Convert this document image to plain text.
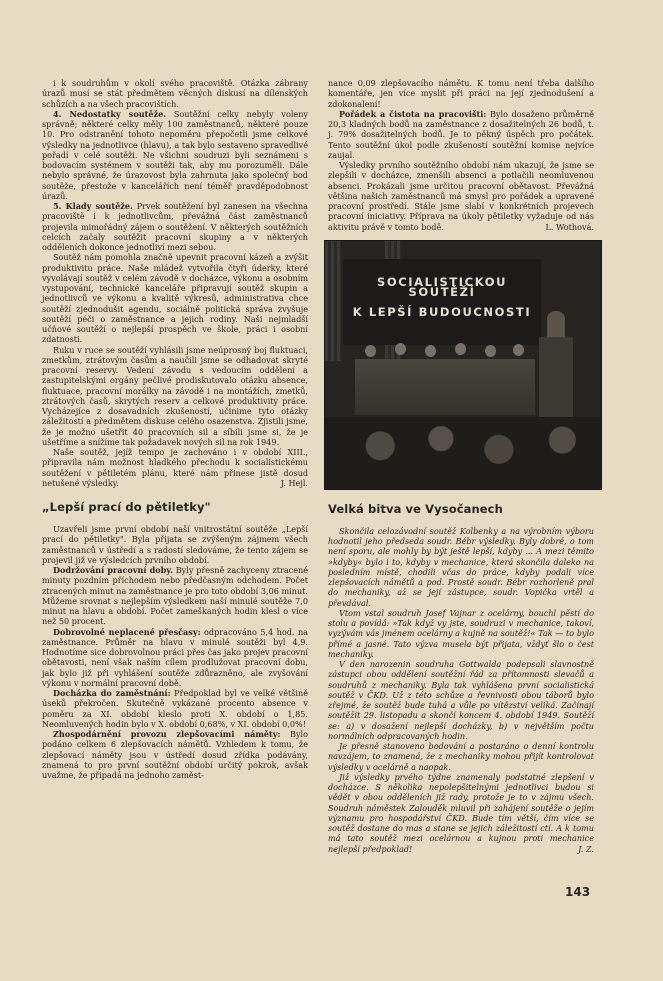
i k soudruhům v okolí svého pracoviště. Otázka zábrany úrazů musí se stát předmětem věcných diskusí na dílenských schůzích a na všech pracovištích.

4. Nedostatky soutěže. Soutěžní celky nebyly voleny správně; některé celky měly 100 zaměstnanců, některé pouze 10. Pro odstranění tohoto nepoměru přepočetli jsme celkové výsledky na jednotlivce (hlavu), a tak bylo sestaveno spravedlivé pořadí v celé soutěži. Ne všichni soudruzi byli seznámeni s bodovacím systémem v soutěži tak, aby mu porozuměli. Dále nebylo správné, že úrazovost byla zahrnuta jako společný bod soutěže, přestože v kancelářích není téměř pravděpodobnost úrazů.

5. Klady soutěže. Prvek soutěžení byl zanesen na všechna pracoviště i k jednotlivcům, převážná část zaměstnanců projevila mimořádný zájem o soutěžení. V některých soutěžních celcích začaly soutěžit pracovní skupiny a v některých odděleních dokonce jednotliví mezi sebou.

Soutěž nám pomohla značně upevnit pracovní kázeň a zvýšit produktivitu práce. Naše mládež vytvořila čtyři úderky, které vyvolávají soutěž v celém závodě v docházce, výkonu a osobním vystupování, technické kanceláře připravují soutěž skupin a jednotlivců ve výkonu a kvalitě výkresů, administrativa chce soutěží zjednodušit agendu, sociálně politická správa zvyšuje soutěží péči o zaměstnance a jejich rodiny. Naši nejmladší učňové soutěží o nejlepší prospěch ve škole, práci i osobní zdatnosti.

Ruku v ruce se soutěží vyhlásili jsme neúprosný boj fluktuaci, zmetkům, ztrátovým časům a naučili jsme se odhadovat skryté pracovní reservy. Vedení závodu s vedoucím oddělení a zastupitelskými orgány pečlivé prodiskutovalo otázku absence, fluktuace, pracovní morálky na závodě i na montážích, zmetků, ztrátových časů, skrytých reserv a celkové produktivity práce. Vycházejíce z dosavadních zkušeností, učinime tyto otázky záležitostí a předmětem diskuse celého osazenstva. Zjistili jsme, že je možno ušetřit 40 pracovních sil a síbili jsme si, že je ušetříme a snížíme tak požadavek nových sil na rok 1949.

Naše soutěž, jejíž tempo je zachováno i v období XIII., připravila nám možnost hladkého přechodu k socialistickému soutěžení v pětiletém plánu, které nám přinese jistě dosud netušené výsledky.	J. Hejl.

„Lepší prací do pětiletky"

Uzavřeli jsme první období naší vnitrostátní soutěže „Lepší prací do pětiletky". Byla přijata se zvýšeným zájmem všech zaměstnanců v ústředí a s radostí sledováme, že tento zájem se projevil již ve výsledcích prvního období.

Dodržování pracovní doby. Byly přesně zachyceny ztracené minuty pozdním příchodem nebo předčasným odchodem. Počet ztracených minut na zaměstnance je pro toto období 3,06 minut. Můžeme srovnat s nejlepším výsledkem naší minulé soutěže 7,0 minut na hlavu a období. Počet zameškaných hodin klesl o více než 50 procent.

Dobrovolné neplacené přesčasy: odpracováno 5,4 hod. na zaměstnance. Průměr na hlavu v minulé soutěži byl 4,9. Hodnotíme sice dobrovolnou práci přes čas jako projev pracovní obětavosti, není však naším cílem prodlužovat pracovní dobu, jak bylo již při vyhlášení soutěže zdůrazněno, ale zvyšování výkonu v normální pracovní době.

Docházka do zaměstnání: Předpoklad byl ve velké většině úseků překročen. Skutečně vykázané procento absence v poměru za XI. období kleslo proti X. období o 1,85. Neomluvených hodin bylo v X. období 0,68%, v XI. období 0,0%!

Zhospodárnění provozu zlepšovacími náměty: Bylo podáno celkem 6 zlepšovacích námětů. Vzhledem k tomu, že zlepšovací náměty jsou v ústředí dosud zřídka podávány, znamená to pro první soutěžní období určitý pokrok, avšak uvažme, že připadá na jednoho zaměst-

nance 0,09 zlepšovacího námětu. K tomu není třeba dalšího komentáře, jen více myslit při práci na její zjednodušení a zdokonalení!

Pořádek a čistota na pracovišti: Bylo dosaženo průměrně 20,3 kladných bodů na zaměstnance z dosažitelných 26 bodů, t. j. 79% dosažitelných bodů. Je to pěkný úspěch pro počátek. Tento soutěžní úkol podle zkušeností soutěžní komise nejvíce zaujal.

Výsledky prvního soutěžního období nám ukazují, že jsme se zlepšili v docházce, zmenšili absenci a potlačili neomluvenou absenci. Prokázali jsme určitou pracovní obětavost. Převážná většina našich zaměstnanců má smysl pro pořádek a upravené pracovní prostředí. Stále jsme slabí v konkrétních projevech pracovní iniciativy. Příprava na úkoly pětiletky vyžaduje od nás aktivitu právě v tomto bodě.	L. Wothová.

SOCIALISTICKOU SOUTĚŽÍ
K LEPŠÍ BUDOUCNOSTI
Velká bitva ve Vysočanech

Skončila celozávodní soutěž Kolbenky a na výrobním výboru hodnotil jeho předseda soudr. Bébr výsledky. Byly dobré, o tom není sporu, ale mohly by být ještě lepší, kdyby ... A mezi těmito »kdyby« bylo i to, kdyby v mechanice, která skončila daleko na posledním místě, chodili včas do práce, kdyby podali více zlepšovacích námětů a pod. Prostě soudr. Bébr rozhorleně pral do mechaniky, až se její zástupce, soudr. Vopička vrtěl a převdával.

Vtom vstal soudruh Josef Vajnar z ocelárny, bouchl pěstí do stolu a povídá: »Tak když vy jste, soudruzi v mechanice, takoví, vyzývám vás jménem ocelárny a kujně na soutěž!« Tak — to bylo přímé a jasné. Tato výzva musela být přijata, vždyť šlo o čest mechaniky.

V den narozenin soudruha Gottwalda podepsali slavnostně zástupci obou oddělení soutěžní řád za přítomnosti slevačů a soudruhů z mechaniky. Byla tak vyhlášena první socialistická soutěž v ČKD. Už z této schůze a řevnivosti obou táborů bylo zřejmé, že soutěž bude tuhá a vůle po vítězství veliká. Začínají soutěžit 29. listopadu a skončí koncem 4. období 1949. Soutěží se: a) v dosažení nejlepší docházky, b) v největším počtu normálních odpracovaných hodin.

Je přesně stanoveno bodování a postaráno o denní kontrolu navzájem, to znamená, že z mechaniky mohou přijít kontrolovat výsledky v ocelárně a naopak.

Již výsledky prvého týdne znamenaly podstatné zlepšení v docházce. S několika nepolepšitelnými jednotlivci budou si vědět v obou odděleních již rady, protože je to v zájmu všech. Soudruh náměstek Zalouděk mluvil při zahájení soutěže o jejím významu pro hospodářství ČKD. Bude tím větší, čím více se soutěž dostane do mas a stane se jejich záležitostí ctí. A k tomu má tato soutěž mezi ocelárnou a kujnou proti mechanice nejlepší předpoklad!	J. Z.

143
